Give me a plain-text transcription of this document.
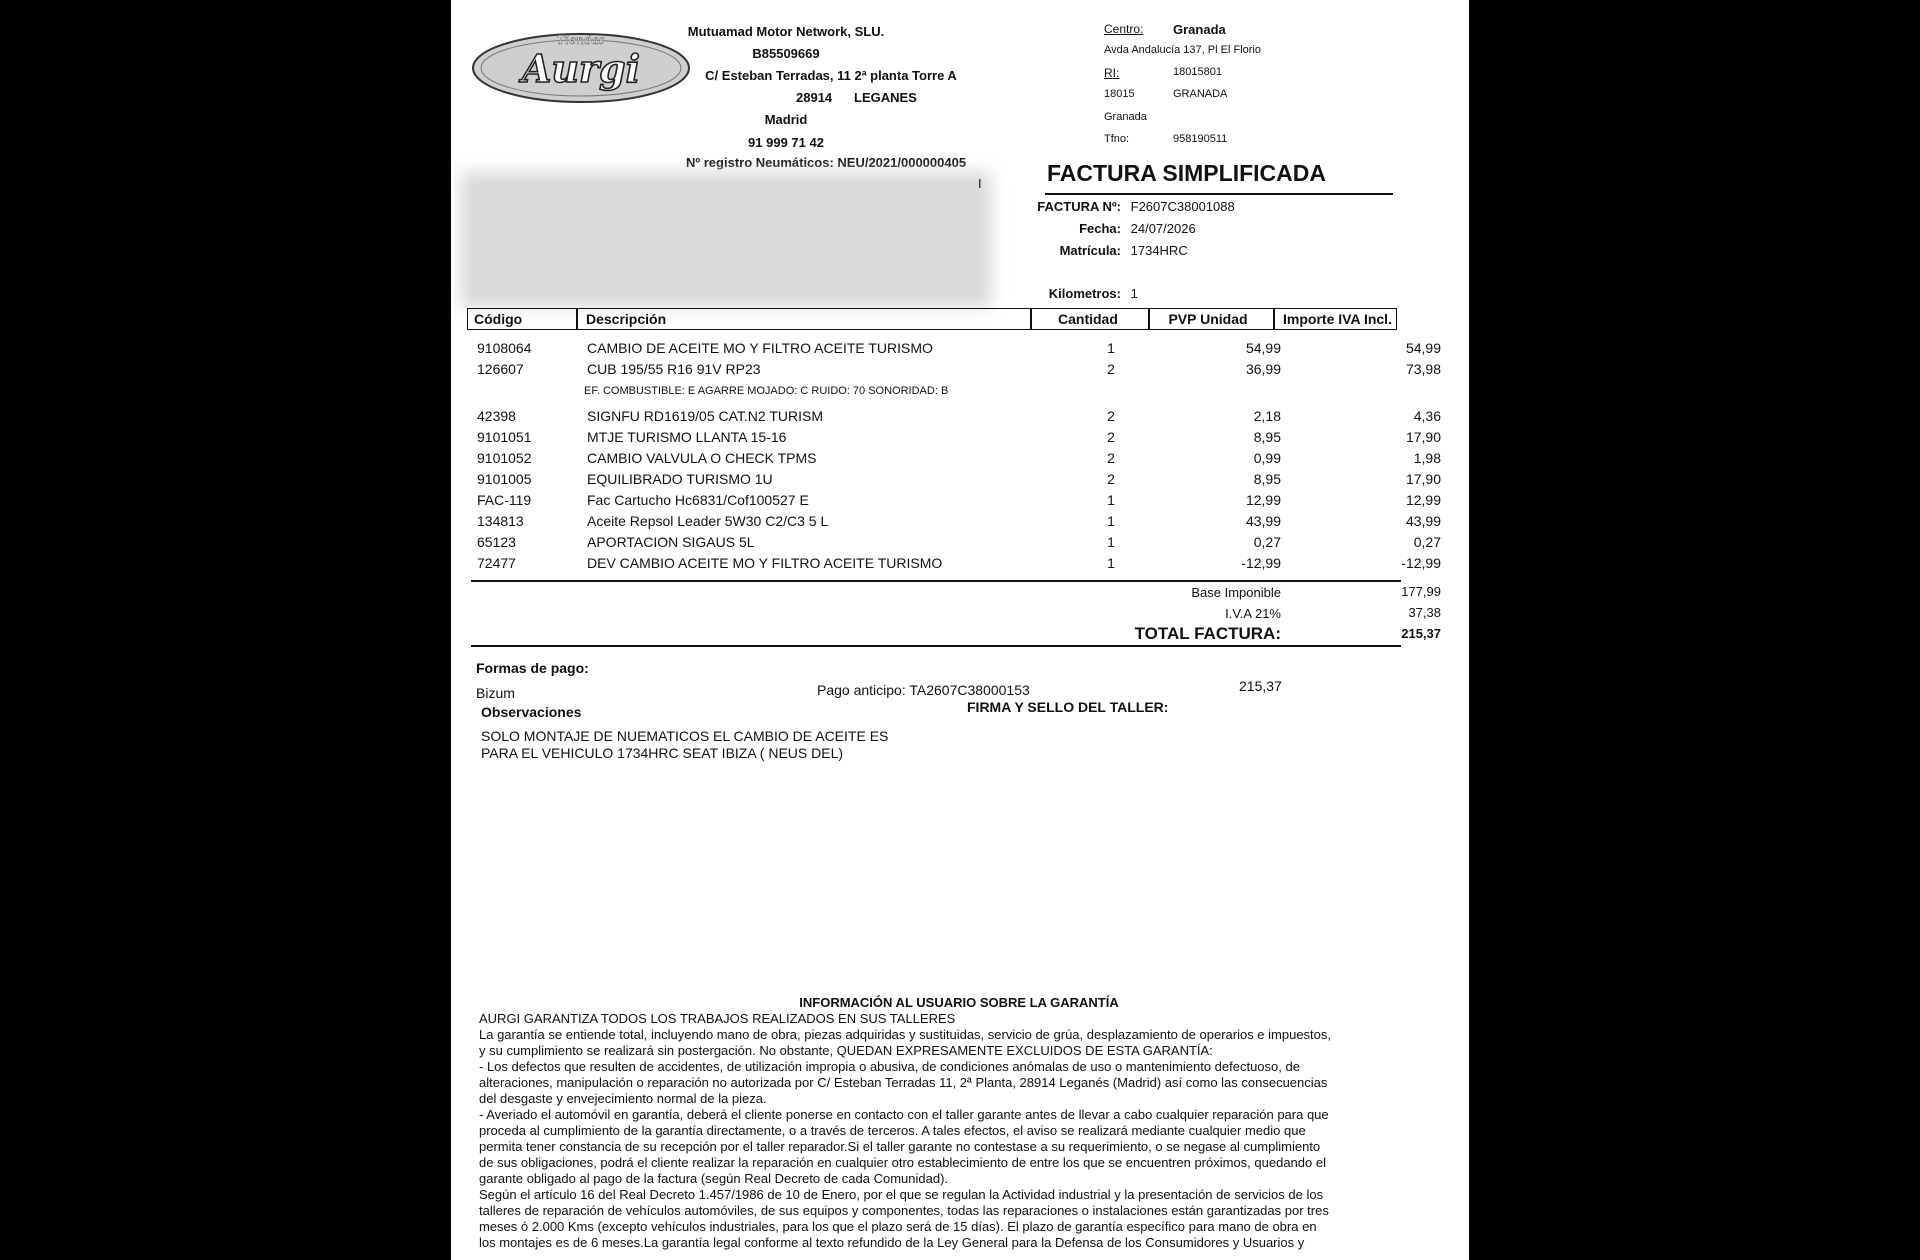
Tiendas
Aurgi
Mutuamad Motor Network, SLU.
B85509669
C/ Esteban Terradas, 11 2ª planta Torre A
28914 LEGANES
Madrid
91 999 71 42
Nº registro Neumáticos: NEU/2021/000000405
Centro: Granada
Avda Andalucía 137, Pl El Florio
RI:	18015801
18015	GRANADA
Granada
Tfno:	958190511
I	FACTURA SIMPLIFICADA
FACTURA Nº: F2607C38001088
Fecha: 24/07/2026
Matrícula: 1734HRC
Kilometros: 1
Código	Descripción	Cantidad	PVP Unidad	Importe IVA Incl.
9108064	CAMBIO DE ACEITE MO Y FILTRO ACEITE TURISMO	1	54,99	54,99
126607	CUB 195/55 R16 91V RP23	2	36,99	73,98
EF. COMBUSTIBLE: E AGARRE MOJADO: C RUIDO: 70 SONORIDAD: B
42398	SIGNFU RD1619/05 CAT.N2 TURISM	2	2,18	4,36
9101051	MTJE TURISMO LLANTA 15-16	2	8,95	17,90
9101052	CAMBIO VALVULA O CHECK TPMS	2	0,99	1,98
9101005	EQUILIBRADO TURISMO 1U	2	8,95	17,90
FAC-119	Fac Cartucho Hc6831/Cof100527 E	1	12,99	12,99
134813	Aceite Repsol Leader 5W30 C2/C3 5 L	1	43,99	43,99
65123	APORTACION SIGAUS 5L	1	0,27	0,27
72477	DEV CAMBIO ACEITE MO Y FILTRO ACEITE TURISMO	1	-12,99	-12,99
Base Imponible	177,99
I.V.A 21%	37,38
TOTAL FACTURA:	215,37
Formas de pago:
Bizum	Pago anticipo: TA2607C38000153	215,37
FIRMA Y SELLO DEL TALLER:
Observaciones
SOLO MONTAJE DE NUEMATICOS EL CAMBIO DE ACEITE ES
PARA EL VEHICULO 1734HRC SEAT IBIZA ( NEUS DEL)

INFORMACIÓN AL USUARIO SOBRE LA GARANTÍA

AURGI GARANTIZA TODOS LOS TRABAJOS REALIZADOS EN SUS TALLERES

La garantía se entiende total, incluyendo mano de obra, piezas adquiridas y sustituidas, servicio de grúa, desplazamiento de operarios e impuestos,

y su cumplimiento se realizará sin postergación. No obstante, QUEDAN EXPRESAMENTE EXCLUIDOS DE ESTA GARANTÍA:

- Los defectos que resulten de accidentes, de utilización impropia o abusiva, de condiciones anómalas de uso o mantenimiento defectuoso, de

alteraciones, manipulación o reparación no autorizada por C/ Esteban Terradas 11, 2ª Planta, 28914 Leganés (Madrid) así como las consecuencias

del desgaste y envejecimiento normal de la pieza.

- Averiado el automóvil en garantía, deberá el cliente ponerse en contacto con el taller garante antes de llevar a cabo cualquier reparación para que

proceda al cumplimiento de la garantía directamente, o a través de terceros. A tales efectos, el aviso se realizará mediante cualquier medio que

permita tener constancia de su recepción por el taller reparador.Si el taller garante no contestase a su requerimiento, o se negase al cumplimiento

de sus obligaciones, podrá el cliente realizar la reparación en cualquier otro establecimiento de entre los que se encuentren próximos, quedando el

garante obligado al pago de la factura (según Real Decreto de cada Comunidad).

Según el artículo 16 del Real Decreto 1.457/1986 de 10 de Enero, por el que se regulan la Actividad industrial y la presentación de servicios de los

talleres de reparación de vehículos automóviles, de sus equipos y componentes, todas las reparaciones o instalaciones están garantizadas por tres

meses ó 2.000 Kms (excepto vehículos industriales, para los que el plazo será de 15 días). El plazo de garantía específico para mano de obra en

los montajes es de 6 meses.La garantía legal conforme al texto refundido de la Ley General para la Defensa de los Consumidores y Usuarios y
